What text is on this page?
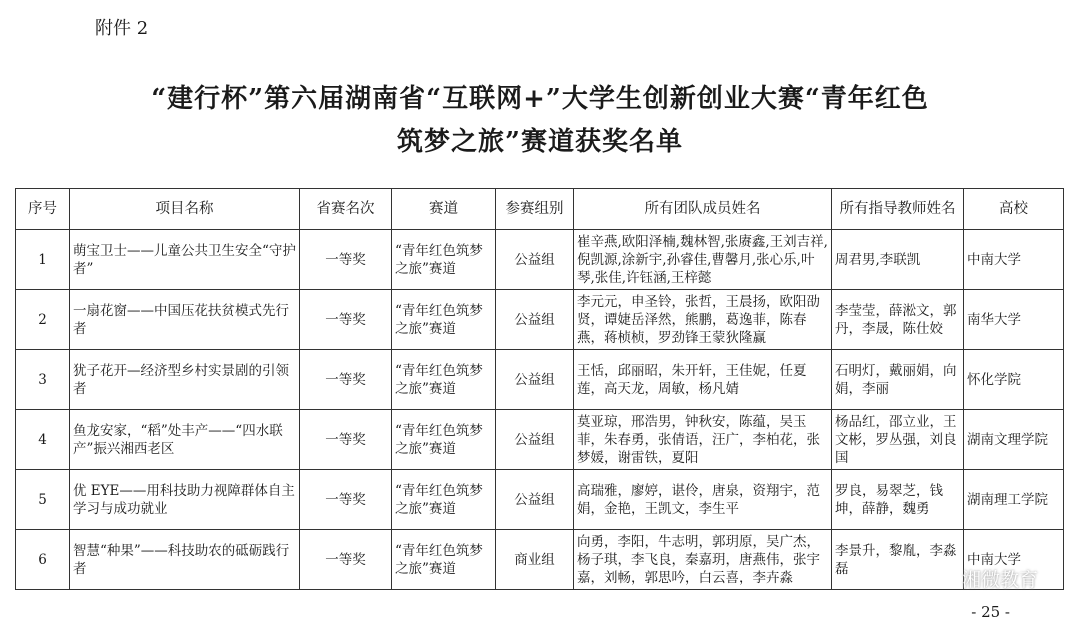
附件 2
“建行杯”第六届湖南省“互联网+”大学生创新创业大赛“青年红色
筑梦之旅”赛道获奖名单
序号	项目名称	省赛名次	赛道	参赛组别	所有团队成员姓名	所有指导教师姓名	高校
1	萌宝卫士——儿童公共卫生安全“守护者”	一等奖	“青年红色筑梦之旅”赛道	公益组	崔辛燕,欧阳泽楠,魏林智,张赓鑫,王刘吉祥,倪凯源,涂新宇,孙睿佳,曹馨月,张心乐,叶琴,张佳,许钰涵,王梓懿	周君男,李联凯	中南大学
2	一扇花窗——中国压花扶贫模式先行者	一等奖	“青年红色筑梦之旅”赛道	公益组	李元元，申圣铃，张哲，王晨扬，欧阳劭贤，谭婕岳泽然，熊鹏，葛逸菲，陈春燕，蒋桢桢，罗劲锋王蒙狄隆赢	李莹莹，薛淞文，郭丹，李晟，陈仕姣	南华大学
3	犹子花开—经济型乡村实景剧的引领者	一等奖	“青年红色筑梦之旅”赛道	公益组	王恬，邱丽昭，朱开轩，王佳妮，任夏莲，高天龙，周敏，杨凡婧	石明灯，戴丽娟，向娟，李丽	怀化学院
4	鱼龙安家，“稻”处丰产——“四水联产”振兴湘西老区	一等奖	“青年红色筑梦之旅”赛道	公益组	莫亚琼，邢浩男，钟秋安，陈蕴，吴玉菲，朱春勇，张倩语，汪广，李柏花，张梦媛，谢雷铁，夏阳	杨品红，邵立业，王文彬，罗丛强，刘良国	湖南文理学院
5	优 EYE——用科技助力视障群体自主学习与成功就业	一等奖	“青年红色筑梦之旅”赛道	公益组	高瑞雅，廖婷，谌伶，唐泉，资翔宇，范娟，金艳，王凯文，李生平	罗良，易翠芝，钱坤，薛静，魏勇	湖南理工学院
6	智慧“种果”——科技助农的砥砺践行者	一等奖	“青年红色筑梦之旅”赛道	商业组	向勇，李阳，牛志明，郭玥原，吴广杰，杨子琪，李飞良，秦嘉玥，唐燕伟，张宇嘉，刘畅，郭思吟，白云喜，李卉淼	李景升，黎胤，李淼磊	中南大学
湘微教育
- 25 -
